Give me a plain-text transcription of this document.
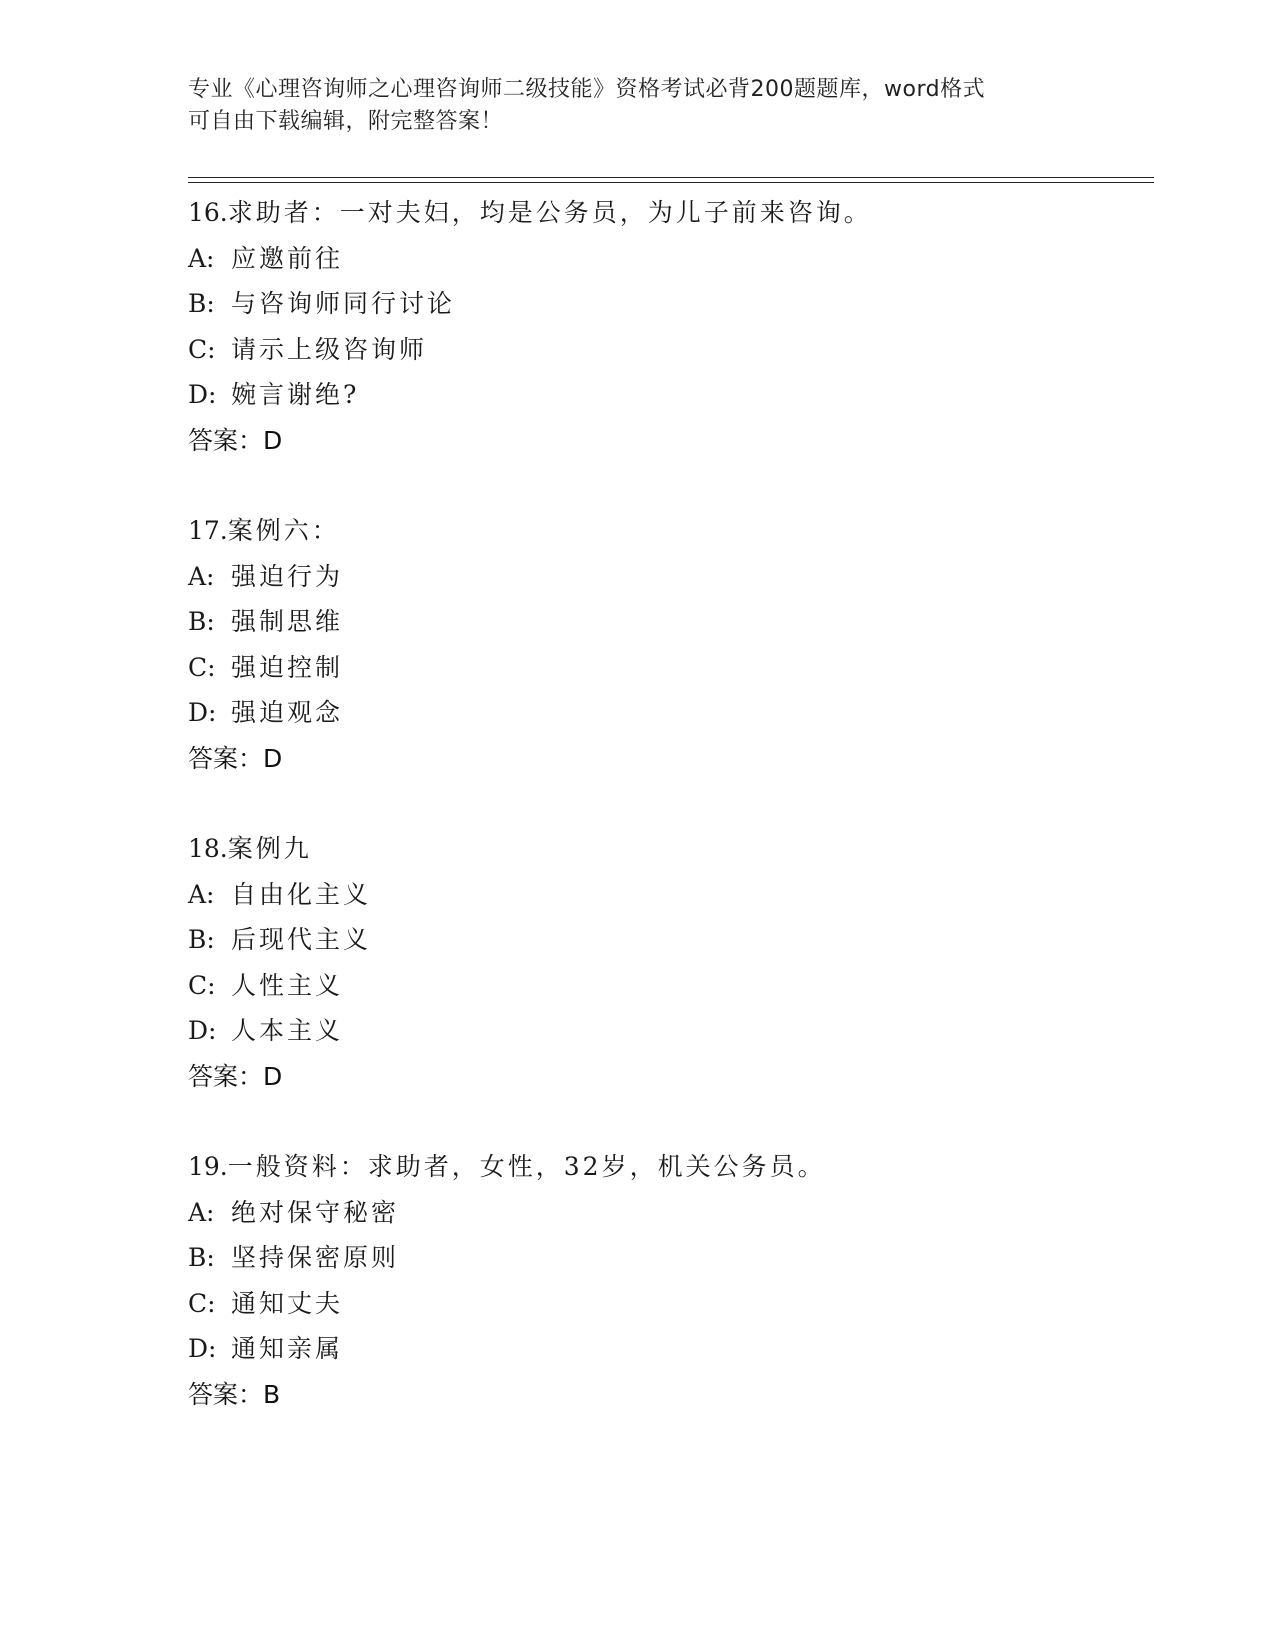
专业《心理咨询师之心理咨询师二级技能》资格考试必背200题题库，word格式
可自由下载编辑，附完整答案！
16.求助者：一对夫妇，均是公务员，为儿子前来咨询。
A: 应邀前往
B: 与咨询师同行讨论
C: 请示上级咨询师
D: 婉言谢绝?
答案：D
17.案例六：
A: 强迫行为
B: 强制思维
C: 强迫控制
D: 强迫观念
答案：D
18.案例九
A: 自由化主义
B: 后现代主义
C: 人性主义
D: 人本主义
答案：D
19.一般资料：求助者，女性，32岁，机关公务员。
A: 绝对保守秘密
B: 坚持保密原则
C: 通知丈夫
D: 通知亲属
答案：B
